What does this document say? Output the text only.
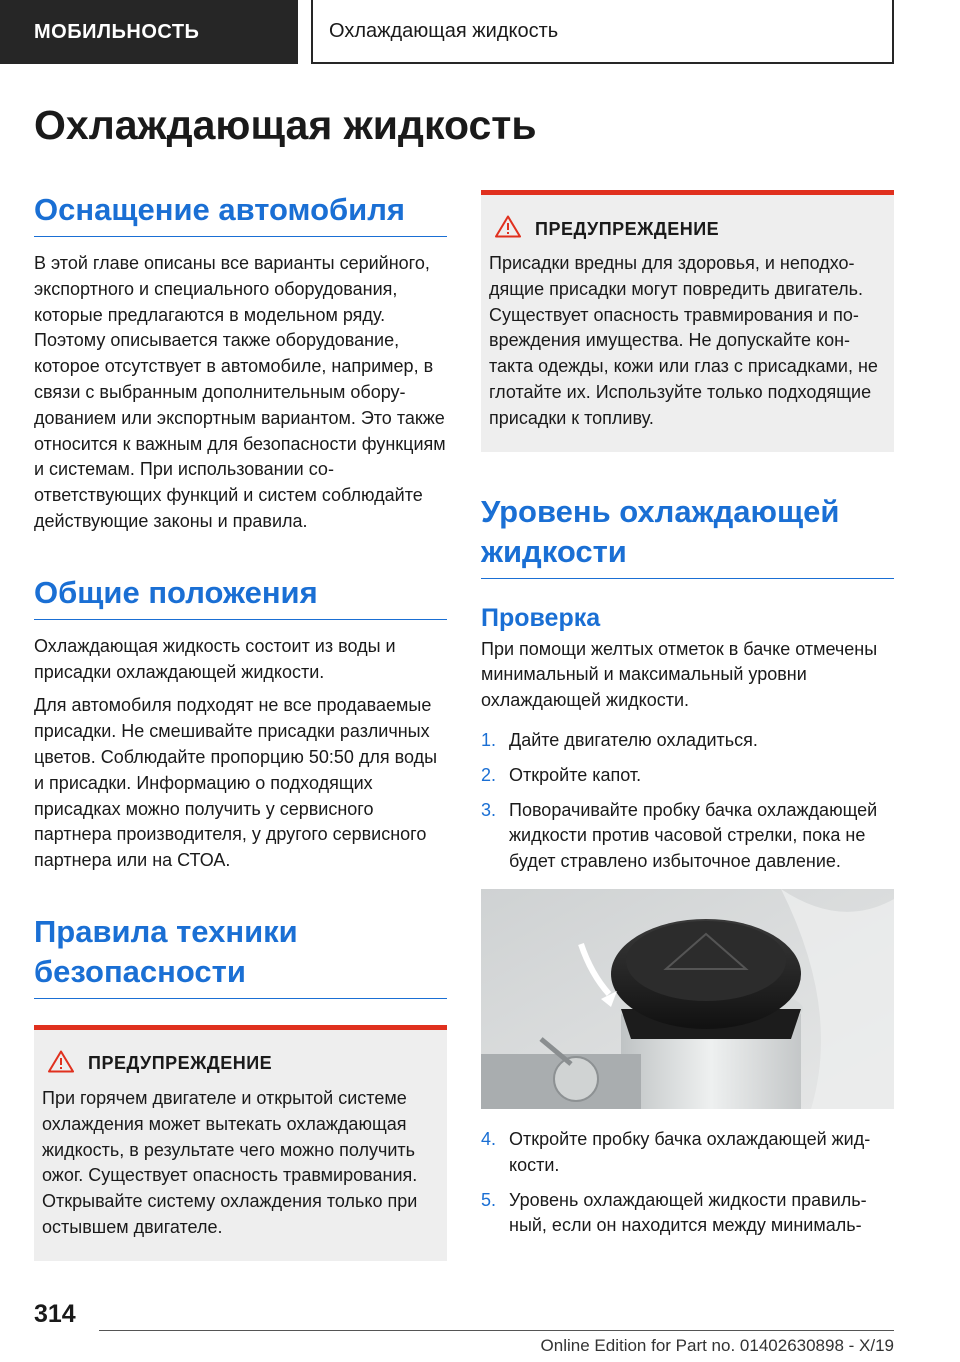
МОБИЛЬНОСТЬ	Охлаждающая жидкость
Охлаждающая жидкость
Оснащение автомобиля

В этой главе описаны все варианты серийного, экспортного и специального оборудования, которые предлагаются в модельном ряду. Поэтому описывается также оборудование, которое отсутствует в автомобиле, например, в связи с выбранным дополнительным оборудованием или экспортным вариантом. Это также относится к важным для безопасности функциям и системам. При использовании соответствующих функций и систем соблюдайте действующие законы и правила.

Общие положения

Охлаждающая жидкость состоит из воды и присадки охлаждающей жидкости.

Для автомобиля подходят не все продаваемые присадки. Не смешивайте присадки различных цветов. Соблюдайте пропорцию 50:50 для воды и присадки. Информацию о подходящих присадках можно получить у сервисного партнера производителя, у другого сервисного партнера или на СТОА.

Правила техники безопасности
ПРЕДУПРЕЖДЕНИЕ

При горячем двигателе и открытой системе охлаждения может вытекать охлаждающая жидкость, в результате чего можно получить ожог. Существует опасность травмирования. Открывайте систему охлаждения только при остывшем двигателе.

ПРЕДУПРЕЖДЕНИЕ

Присадки вредны для здоровья, и неподходящие присадки могут повредить двигатель. Существует опасность травмирования и повреждения имущества. Не допускайте контакта одежды, кожи или глаз с присадками, не глотайте их. Используйте только подходящие присадки к топливу.

Уровень охлаждающей жидкости
Проверка

При помощи желтых отметок в бачке отмечены минимальный и максимальный уровни охлаждающей жидкости.

1. Дайте двигателю охладиться.
2. Откройте капот.
3. Поворачивайте пробку бачка охлаждающей жидкости против часовой стрелки, пока не будет стравлено избыточное давление.
4. Откройте пробку бачка охлаждающей жидкости.
5. Уровень охлаждающей жидкости правильный, если он находится между минималь-
314
Online Edition for Part no. 01402630898 - X/19
